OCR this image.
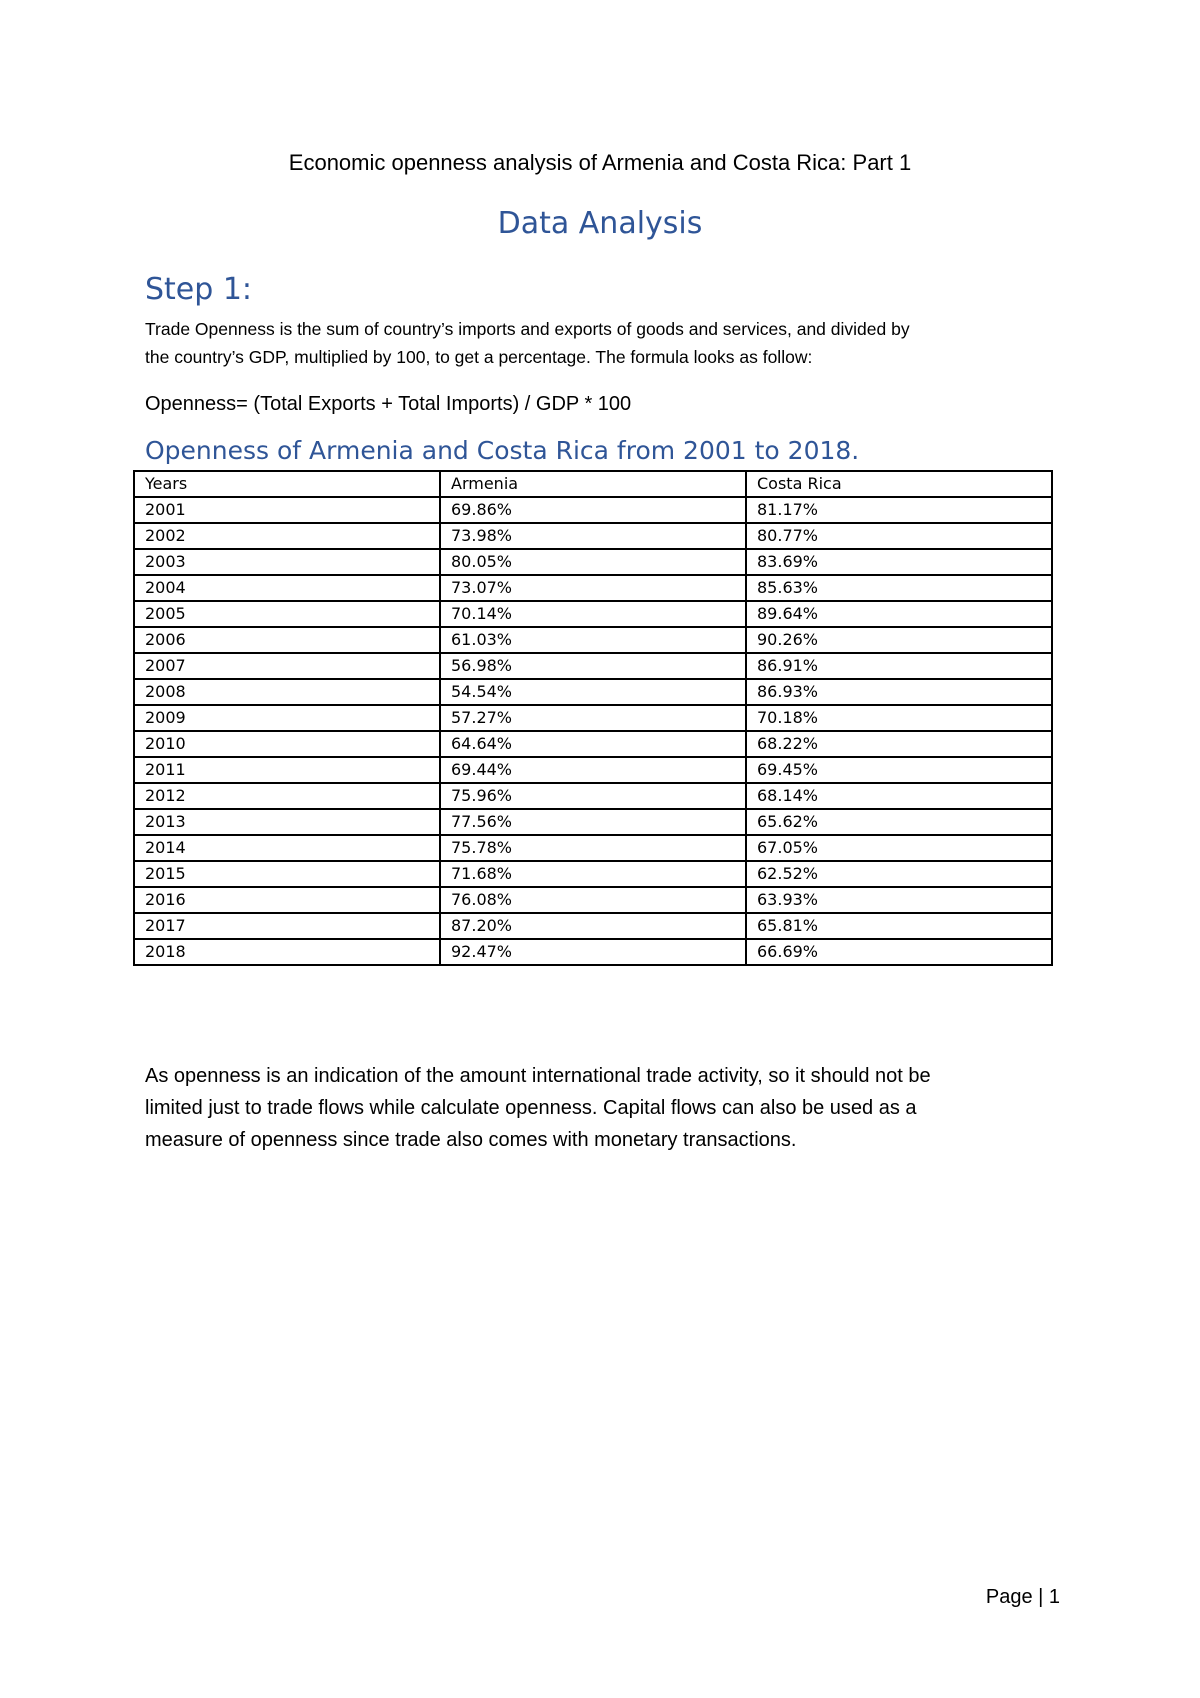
Economic openness analysis of Armenia and Costa Rica: Part 1
Data Analysis
Step 1:

Trade Openness is the sum of country’s imports and exports of goods and services, and divided by
the country’s GDP, multiplied by 100, to get a percentage. The formula looks as follow:

Openness= (Total Exports + Total Imports) / GDP * 100

Openness of Armenia and Costa Rica from 2001 to 2018.
Years	Armenia	Costa Rica
2001	69.86%	81.17%
2002	73.98%	80.77%
2003	80.05%	83.69%
2004	73.07%	85.63%
2005	70.14%	89.64%
2006	61.03%	90.26%
2007	56.98%	86.91%
2008	54.54%	86.93%
2009	57.27%	70.18%
2010	64.64%	68.22%
2011	69.44%	69.45%
2012	75.96%	68.14%
2013	77.56%	65.62%
2014	75.78%	67.05%
2015	71.68%	62.52%
2016	76.08%	63.93%
2017	87.20%	65.81%
2018	92.47%	66.69%

As openness is an indication of the amount international trade activity, so it should not be
limited just to trade flows while calculate openness. Capital flows can also be used as a
measure of openness since trade also comes with monetary transactions.

Page | 1
